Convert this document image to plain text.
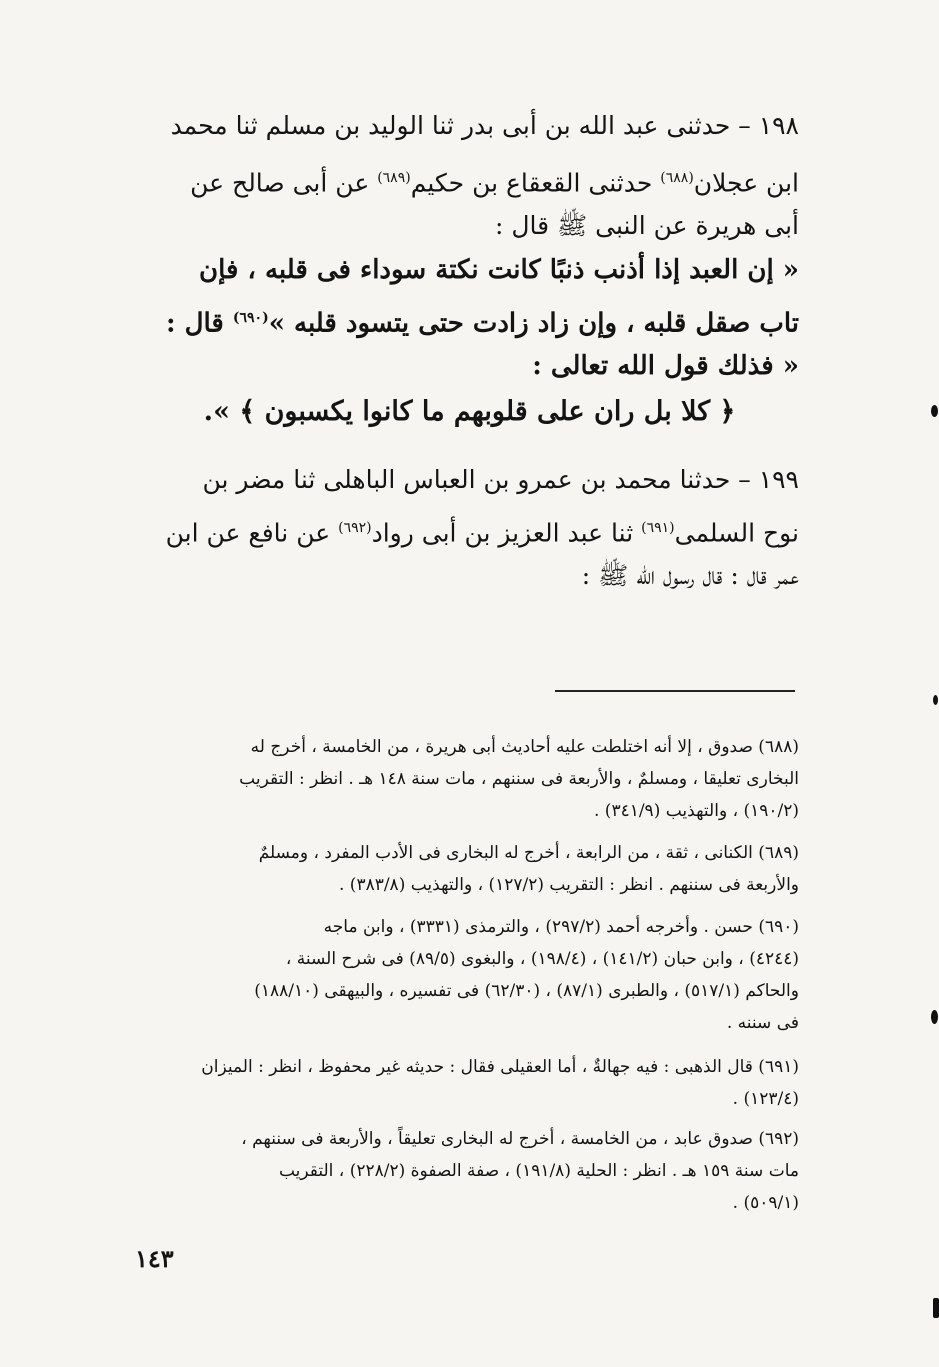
١٩٨ – حدثنى عبد الله بن أبى بدر ثنا الوليد بن مسلم ثنا محمد
ابن عجلان$^{(٦٨٨)}$ حدثنى القعقاع بن حكيم$^{(٦٨٩)}$ عن أبى صالح عن
أبى هريرة عن النبى ﷺ قال :
« إن العبد إذا أذنب ذنبًا كانت نكتة سوداء فى قلبه ، فإن
تاب صقل قلبه ، وإن زاد زادت حتى يتسود قلبه »$^{(٦٩٠)}$ قال :
« فذلك قول الله تعالى :
﴿ كلا بل ران على قلوبهم ما كانوا يكسبون ﴾ ».
١٩٩ – حدثنا محمد بن عمرو بن العباس الباهلى ثنا مضر بن
نوح السلمى$^{(٦٩١)}$ ثنا عبد العزيز بن أبى رواد$^{(٦٩٢)}$ عن نافع عن ابن
عمر قال : قال رسول الله ﷺ :
(٦٨٨) صدوق ، إلا أنه اختلطت عليه أحاديث أبى هريرة ، من الخامسة ، أخرج له
البخارى تعليقا ، ومسلمٌ ، والأربعة فى سننهم ، مات سنة ١٤٨ هـ . انظر : التقريب
(١٩٠/٢) ، والتهذيب (٣٤١/٩) .
(٦٨٩) الكنانى ، ثقة ، من الرابعة ، أخرج له البخارى فى الأدب المفرد ، ومسلمٌ
والأربعة فى سننهم . انظر : التقريب (١٢٧/٢) ، والتهذيب (٣٨٣/٨) .
(٦٩٠) حسن . وأخرجه أحمد (٢٩٧/٢) ، والترمذى (٣٣٣١) ، وابن ماجه
(٤٢٤٤) ، وابن حبان (١٤١/٢) ، (١٩٨/٤) ، والبغوى (٨٩/٥) فى شرح السنة ،
والحاكم (٥١٧/١) ، والطبرى (٨٧/١) ، (٦٢/٣٠) فى تفسيره ، والبيهقى (١٨٨/١٠)
فى سننه .
(٦٩١) قال الذهبى : فيه جهالةٌ ، أما العقيلى فقال : حديثه غير محفوظ ، انظر : الميزان
(١٢٣/٤) .
(٦٩٢) صدوق عابد ، من الخامسة ، أخرج له البخارى تعليقاً ، والأربعة فى سننهم ،
مات سنة ١٥٩ هـ . انظر : الحلية (١٩١/٨) ، صفة الصفوة (٢٢٨/٢) ، التقريب
(٥٠٩/١) .
١٤٣
